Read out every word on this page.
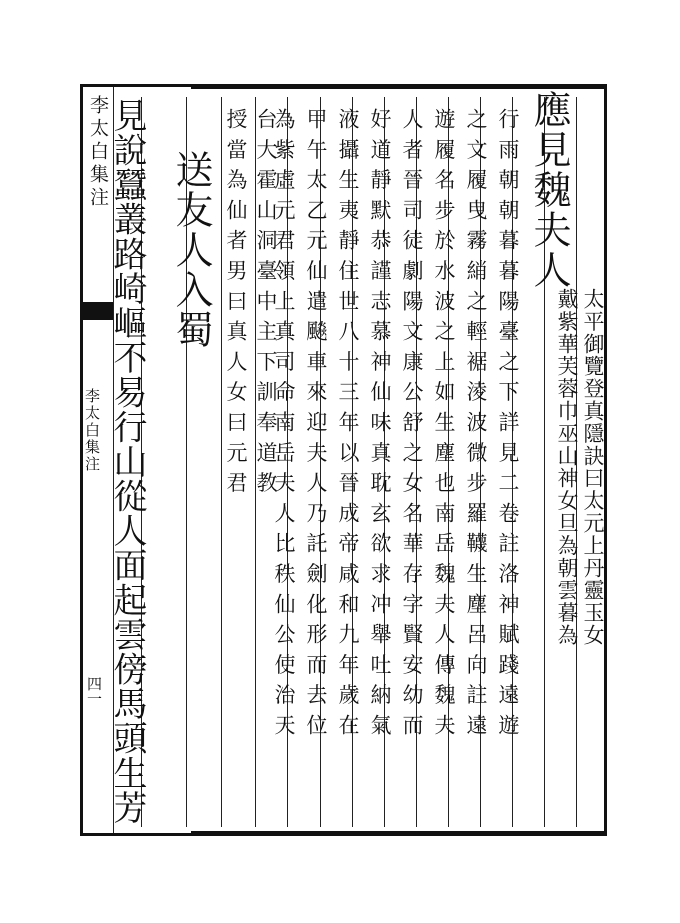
李太白集注
李太白集注
四一
應見魏夫人
太平御覽登真隱訣曰太元上丹靈玉女
戴紫華芙蓉巾巫山神女旦為朝雲暮為
行雨朝朝暮暮陽臺之下詳見二卷註洛神賦踐遠遊
之文履曳霧綃之輕裾淩波微步羅韈生塵呂向註遠
遊履名步於水波之上如生塵也南岳魏夫人傳魏夫
人者晉司徒劇陽文康公舒之女名華存字賢安幼而
好道靜默恭謹志慕神仙味真耽玄欲求冲舉吐納氣
液攝生夷靜住世八十三年以晉成帝咸和九年歲在
甲午太乙元仙遣飈車來迎夫人乃託劍化形而去位
為紫虛元君領上真司命南岳夫人比秩仙公使治天
台大霍山洞臺中主下訓奉道教
授當為仙者男曰真人女曰元君
送友人入蜀
見說蠶叢路崎嶇不易行山從人面起雲傍馬頭生芳
